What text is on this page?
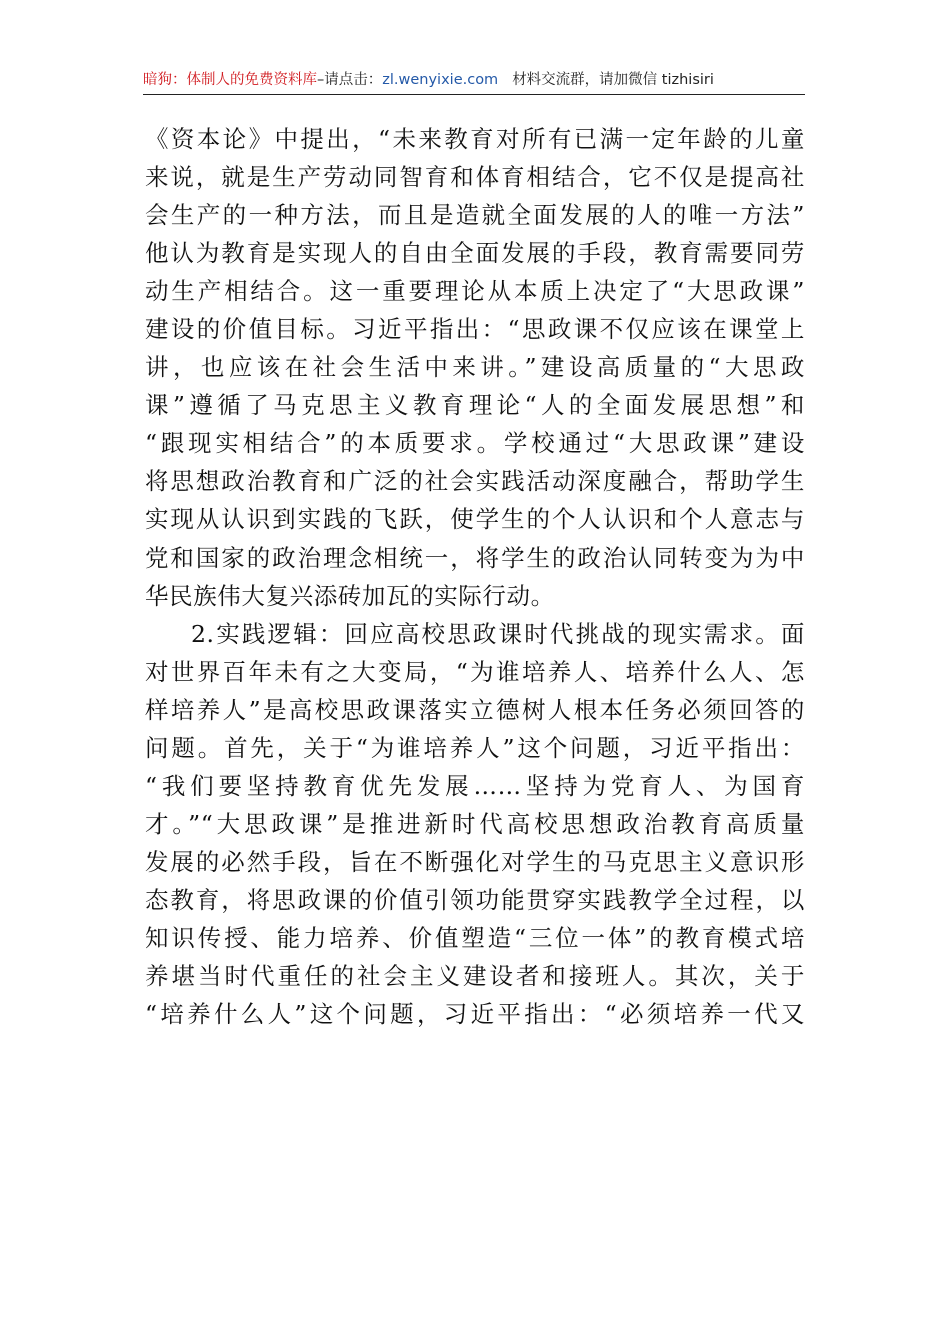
暗狗：体制人的免费资料库–请点击：zl.wenyixie.com 材料交流群，请加微信 tizhisiri
《资本论》中提出，“未来教育对所有已满一定年龄的儿童
来说，就是生产劳动同智育和体育相结合，它不仅是提高社
会生产的一种方法，而且是造就全面发展的人的唯一方法”
他认为教育是实现人的自由全面发展的手段，教育需要同劳
动生产相结合。这一重要理论从本质上决定了“大思政课”
建设的价值目标。习近平指出：“思政课不仅应该在课堂上
讲，也应该在社会生活中来讲。”建设高质量的“大思政
课”遵循了马克思主义教育理论“人的全面发展思想”和
“跟现实相结合”的本质要求。学校通过“大思政课”建设
将思想政治教育和广泛的社会实践活动深度融合，帮助学生
实现从认识到实践的飞跃，使学生的个人认识和个人意志与
党和国家的政治理念相统一，将学生的政治认同转变为为中
华民族伟大复兴添砖加瓦的实际行动。
2.实践逻辑：回应高校思政课时代挑战的现实需求。面
对世界百年未有之大变局，“为谁培养人、培养什么人、怎
样培养人”是高校思政课落实立德树人根本任务必须回答的
问题。首先，关于“为谁培养人”这个问题，习近平指出：
“我们要坚持教育优先发展……坚持为党育人、为国育
才。”“大思政课”是推进新时代高校思想政治教育高质量
发展的必然手段，旨在不断强化对学生的马克思主义意识形
态教育，将思政课的价值引领功能贯穿实践教学全过程，以
知识传授、能力培养、价值塑造“三位一体”的教育模式培
养堪当时代重任的社会主义建设者和接班人。其次，关于
“培养什么人”这个问题，习近平指出：“必须培养一代又
